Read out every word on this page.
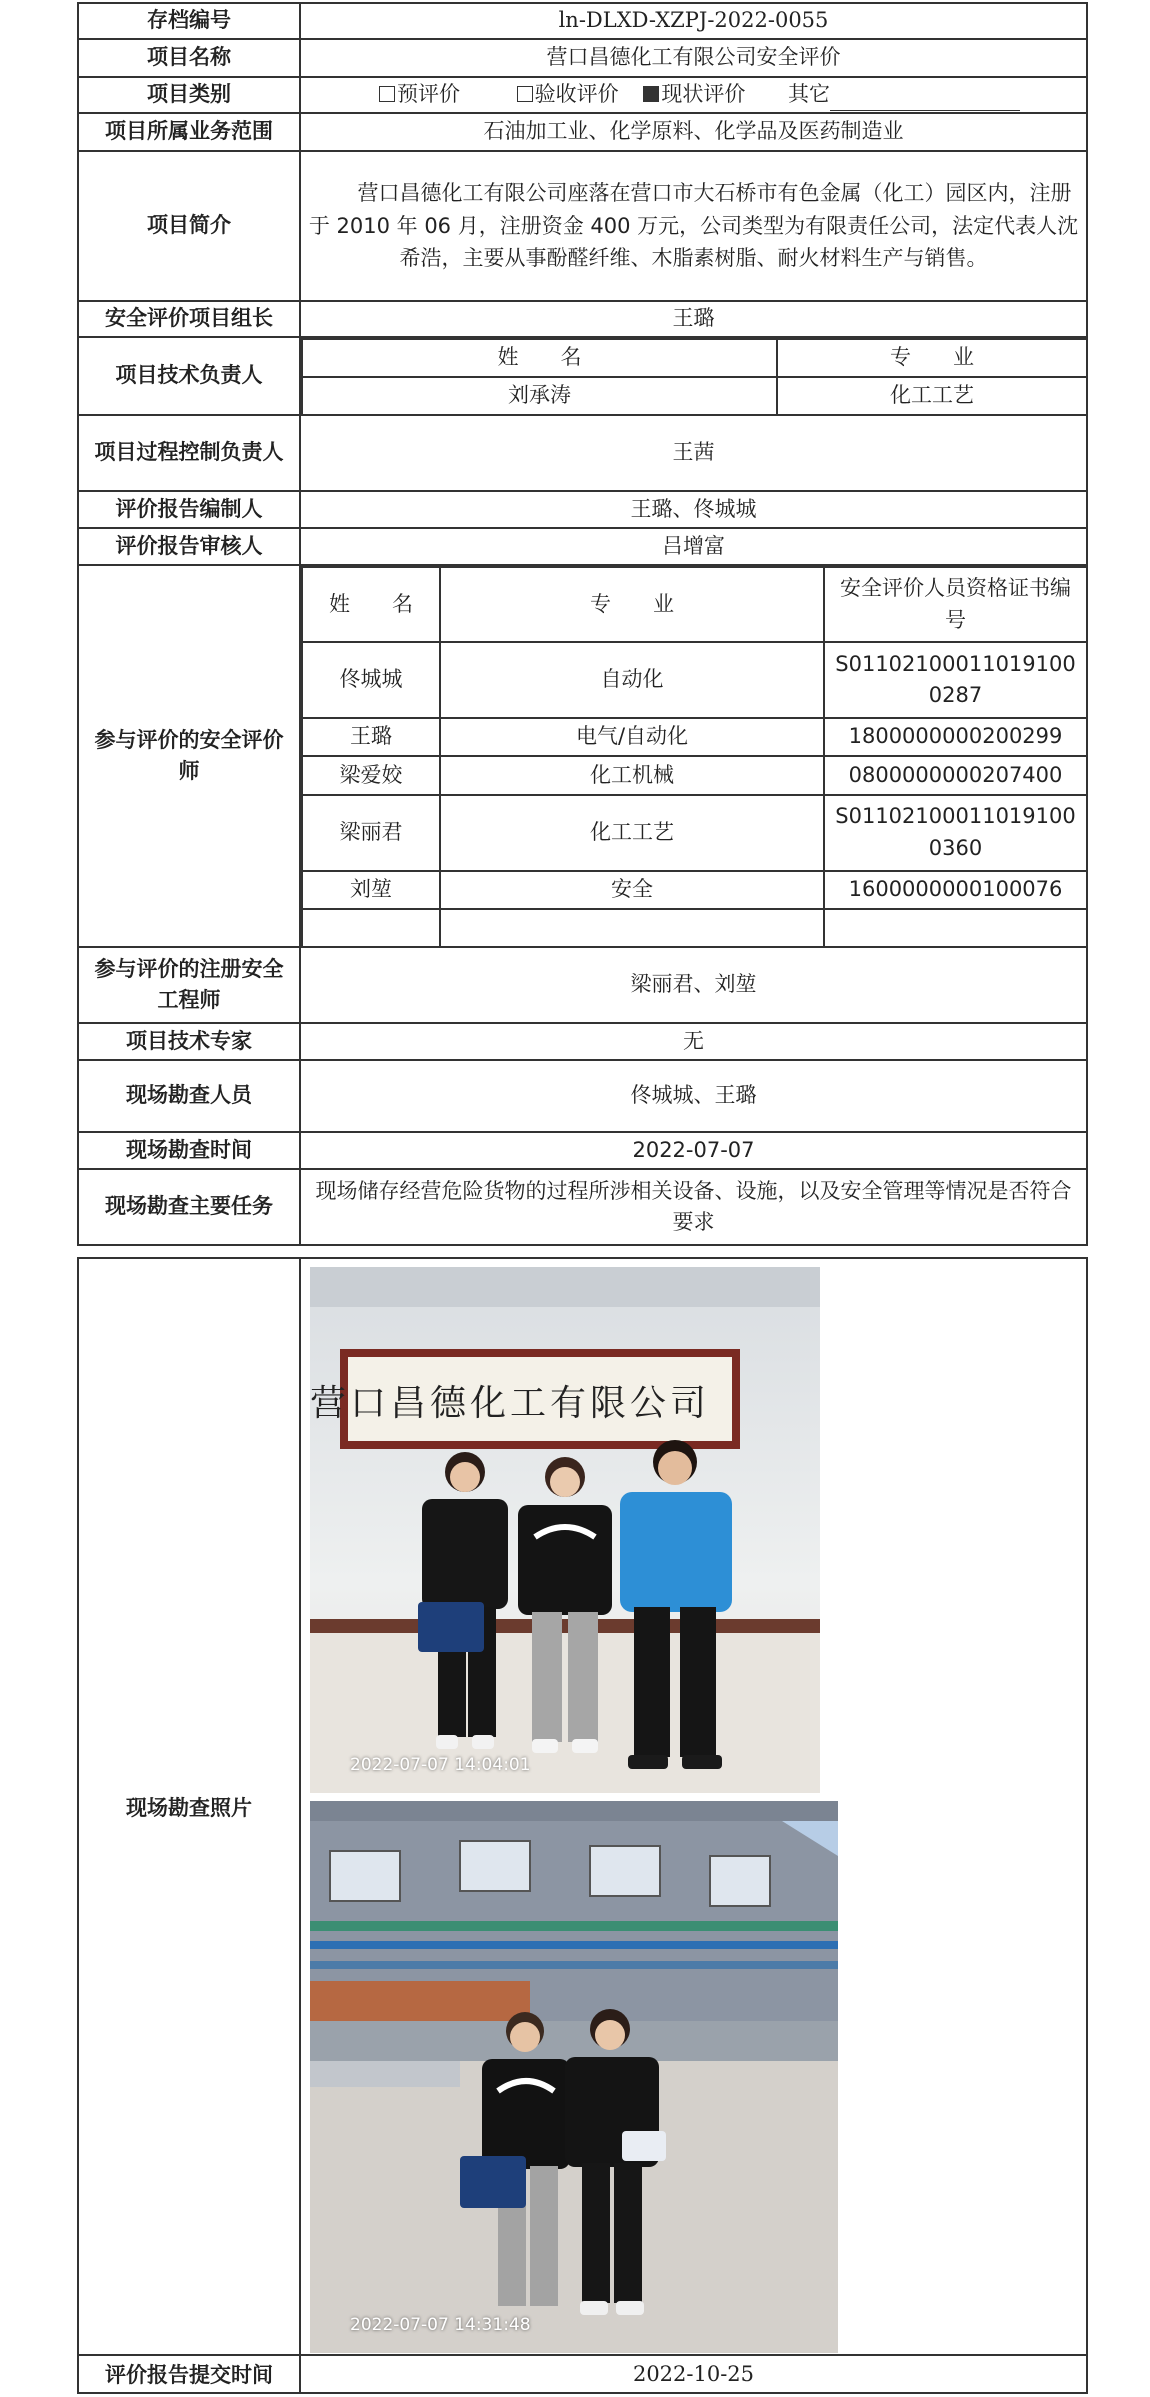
存档编号	ln-DLXD-XZPJ-2022-0055
项目名称	营口昌德化工有限公司安全评价
项目类别	预评价	验收评价 现状评价 其它
项目所属业务范围	石油加工业、化学原料、化学品及医药制造业
项目简介	营口昌德化工有限公司座落在营口市大石桥市有色金属（化工）园区内，注册于 2010 年 06 月，注册资金 400 万元，公司类型为有限责任公司，法定代表人沈希浩，主要从事酚醛纤维、木脂素树脂、耐火材料生产与销售。
安全评价项目组长	王璐
项目技术负责人	
姓　　名	专　　业
刘承涛	化工工艺

项目过程控制负责人	王茜
评价报告编制人	王璐、佟城城
评价报告审核人	吕增富
参与评价的安全评价师	
姓　　名	专　　业	安全评价人员资格证书编号
佟城城	自动化	S011021000110191000287
王璐	电气/自动化	1800000000200299
梁爱姣	化工机械	0800000000207400
梁丽君	化工工艺	S011021000110191000360
刘堃	安全	1600000000100076

参与评价的注册安全工程师	梁丽君、刘堃
项目技术专家	无
现场勘查人员	佟城城、王璐
现场勘查时间	2022-07-07
现场勘查主要任务	现场储存经营危险货物的过程所涉相关设备、设施，以及安全管理等情况是否符合要求
现场勘查照片	营口昌德化工有限公司
2022-07-07 14:04:01
2022-07-07 14:31:48

评价报告提交时间	2022-10-25
